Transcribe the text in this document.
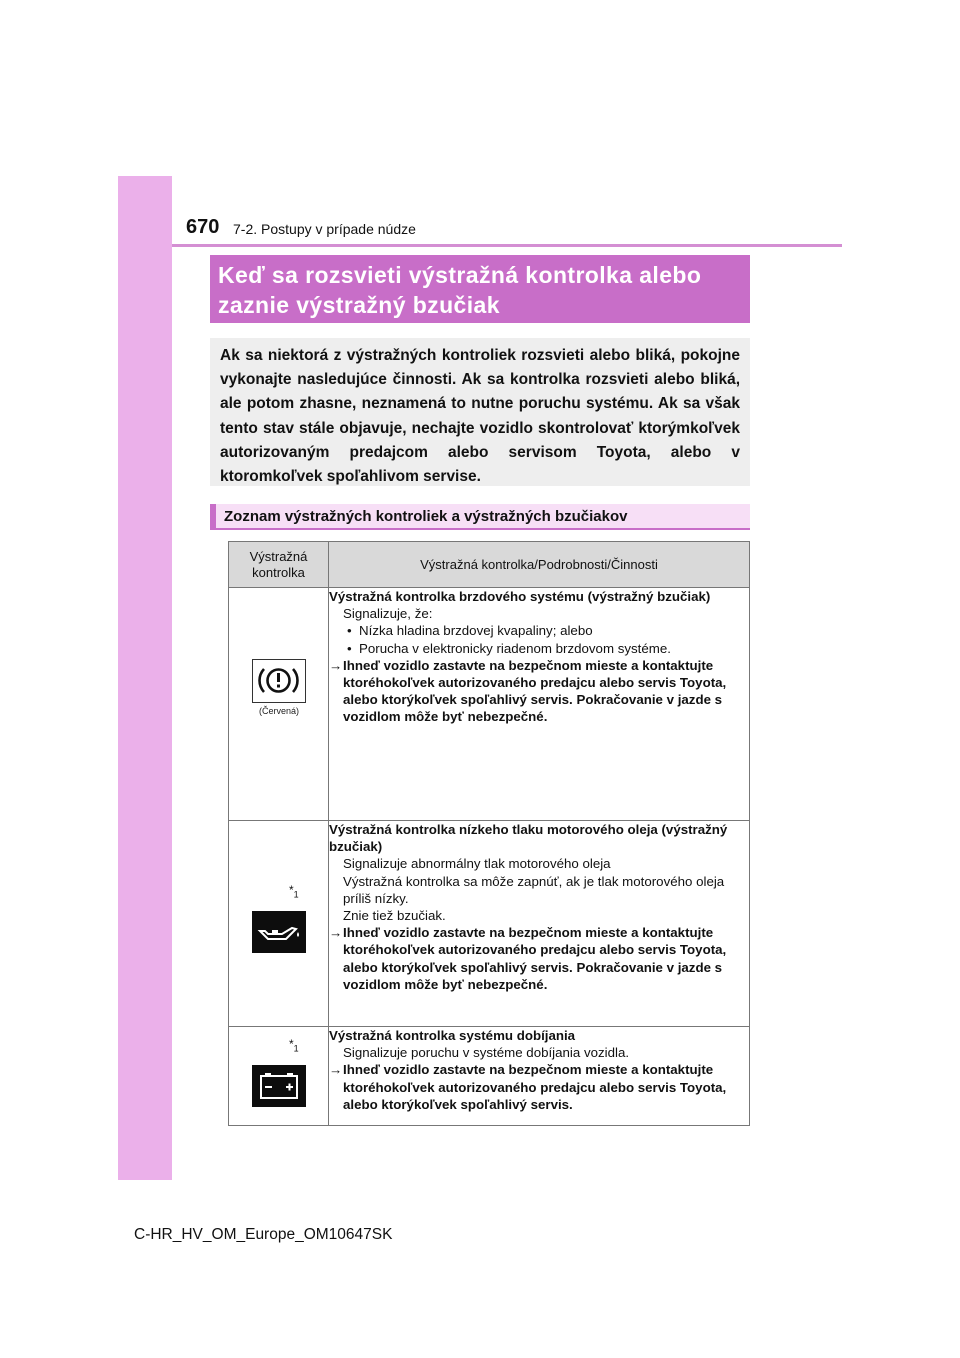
670 7-2. Postupy v prípade núdze
Keď sa rozsvieti výstražná kontrolka alebo
zaznie výstražný bzučiak
Ak sa niektorá z výstražných kontroliek rozsvieti alebo bliká, pokojne vykonajte nasledujúce činnosti. Ak sa kontrolka rozsvieti alebo bliká, ale potom zhasne, neznamená to nutne poruchu systému. Ak sa však tento stav stále objavuje, nechajte vozidlo skontrolovať ktorýmkoľvek autorizovaným predajcom alebo servisom Toyota, alebo v ktoromkoľvek spoľahlivom servise.
Zoznam výstražných kontroliek a výstražných bzučiakov
Výstražná
kontrolka	Výstražná kontrolka/Podrobnosti/Činnosti

(Červená)	Výstražná kontrolka brzdového systému (výstražný bzučiak)

Signalizuje, že:

• Nízka hladina brzdovej kvapaliny; alebo

• Porucha v elektronicky riadenom brzdovom systéme.

→Ihneď vozidlo zastavte na bezpečnom mieste a kontaktujte ktoréhokoľvek autorizovaného predajcu alebo servis Toyota, alebo ktorýkoľvek spoľahlivý servis. Pokračovanie v jazde s vozidlom môže byť nebezpečné.

$*_1$	Výstražná kontrolka nízkeho tlaku motorového oleja (výstražný bzučiak)

Signalizuje abnormálny tlak motorového oleja

Výstražná kontrolka sa môže zapnúť, ak je tlak motorového oleja príliš nízky.

Znie tiež bzučiak.

→Ihneď vozidlo zastavte na bezpečnom mieste a kontaktujte ktoréhokoľvek autorizovaného predajcu alebo servis Toyota, alebo ktorýkoľvek spoľahlivý servis. Pokračovanie v jazde s vozidlom môže byť nebezpečné.

$*_1$	Výstražná kontrolka systému dobíjania

Signalizuje poruchu v systéme dobíjania vozidla.

→Ihneď vozidlo zastavte na bezpečnom mieste a kontaktujte ktoréhokoľvek autorizovaného predajcu alebo servis Toyota, alebo ktorýkoľvek spoľahlivý servis.

C-HR_HV_OM_Europe_OM10647SK
